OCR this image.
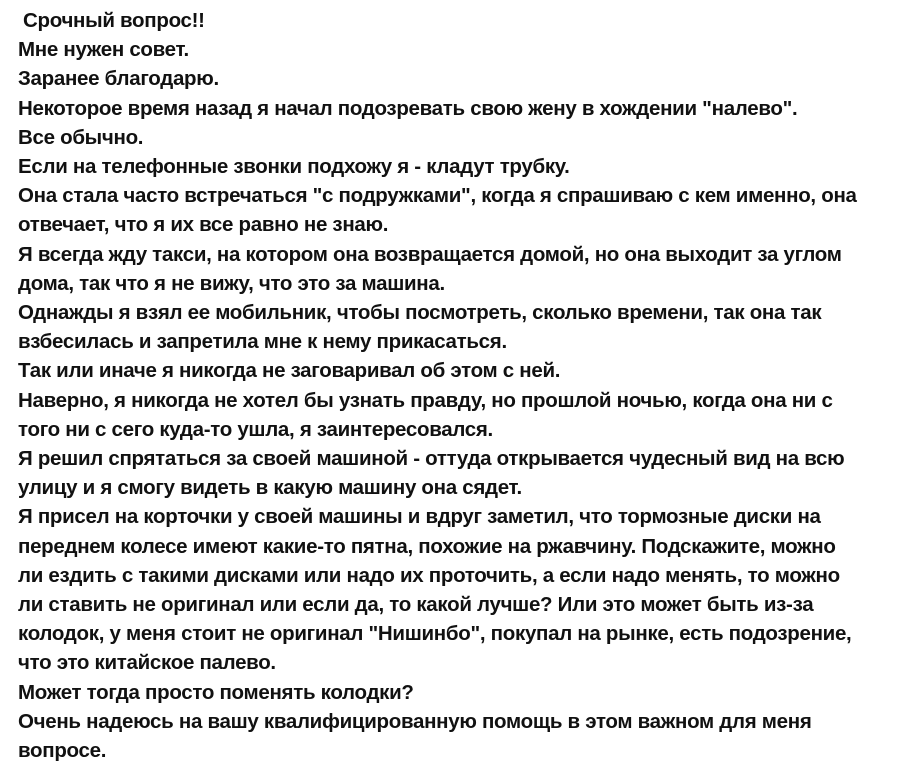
Срочный вопрос!!
Мне нужен совет.
Заранее благодарю.
Некоторое время назад я начал подозревать свою жену в хождении "налево".
Все обычно.
Если на телефонные звонки подхожу я - кладут трубку.
Она стала часто встречаться "с подружками", когда я спрашиваю с кем именно, она
отвечает, что я их все равно не знаю.
Я всегда жду такси, на котором она возвращается домой, но она выходит за углом
дома, так что я не вижу, что это за машина.
Однажды я взял ее мобильник, чтобы посмотреть, сколько времени, так она так
взбесилась и запретила мне к нему прикасаться.
Так или иначе я никогда не заговаривал об этом с ней.
Наверно, я никогда не хотел бы узнать правду, но прошлой ночью, когда она ни с
того ни с сего куда-то ушла, я заинтересовался.
Я решил спрятаться за своей машиной - оттуда открывается чудесный вид на всю
улицу и я смогу видеть в какую машину она сядет.
Я присел на корточки у своей машины и вдруг заметил, что тормозные диски на
переднем колесе имеют какие-то пятна, похожие на ржавчину. Подскажите, можно
ли ездить с такими дисками или надо их проточить, а если надо менять, то можно
ли ставить не оригинал или если да, то какой лучше? Или это может быть из-за
колодок, у меня стоит не оригинал "Нишинбо", покупал на рынке, есть подозрение,
что это китайское палево.
Может тогда просто поменять колодки?
Очень надеюсь на вашу квалифицированную помощь в этом важном для меня
вопросе.
